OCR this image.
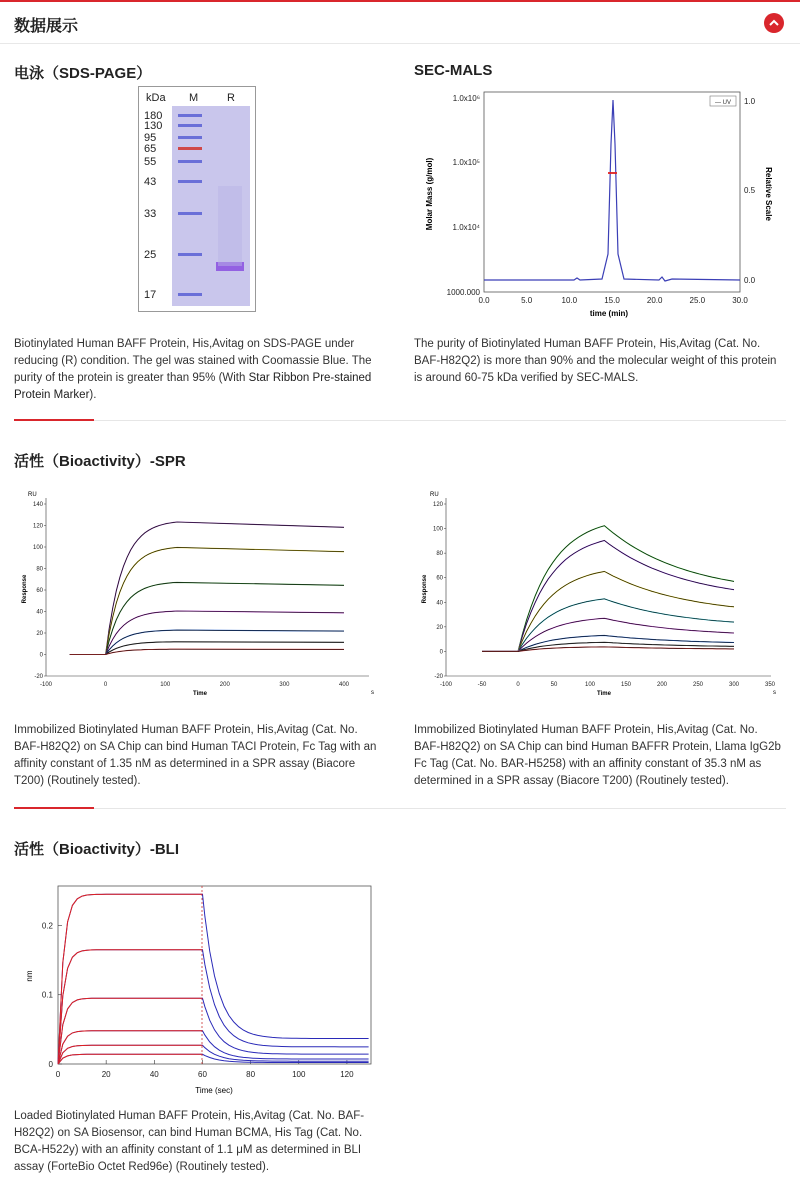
数据展示
电泳（SDS-PAGE）
kDa M	R
180
130
95
65
55
43
33
25
17
Biotinylated Human BAFF Protein, His,Avitag on SDS-PAGE under reducing (R) condition. The gel was stained with Coomassie Blue. The purity of the protein is greater than 95% (With Star Ribbon Pre-stained Protein Marker).
SEC-MALS
1.0x10⁶
1.0x10⁵
1.0x10⁴
1000.000
1.0
0.5
0.0
0.0	5.0	10.0	15.0	20.0	25.0	30.0
time (min)
Molar Mass (g/mol)	Relative Scale
— UV
The purity of Biotinylated Human BAFF Protein, His,Avitag (Cat. No. BAF-H82Q2) is more than 90% and the molecular weight of this protein is around 60-75 kDa verified by SEC-MALS.
活性（Bioactivity）-SPR
RU
140
120
100
80
60
40
20
0
-20
-100	0	100	200	300	400
Time	s
Response
Immobilized Biotinylated Human BAFF Protein, His,Avitag (Cat. No. BAF-H82Q2) on SA Chip can bind Human TACI Protein, Fc Tag with an affinity constant of 1.35 nM as determined in a SPR assay (Biacore T200) (Routinely tested).
RU
120
100
80
60
40
20
0
-20
-100	-50	0	50	100	150	200	250	300	350
Time	s
Response
Immobilized Biotinylated Human BAFF Protein, His,Avitag (Cat. No. BAF-H82Q2) on SA Chip can bind Human BAFFR Protein, Llama IgG2b Fc Tag (Cat. No. BAR-H5258) with an affinity constant of 35.3 nM as determined in a SPR assay (Biacore T200) (Routinely tested).
活性（Bioactivity）-BLI
0.2
0.1
0
0	20	40	60	80	100	120
Time (sec)
nm
Loaded Biotinylated Human BAFF Protein, His,Avitag (Cat. No. BAF-H82Q2) on SA Biosensor, can bind Human BCMA, His Tag (Cat. No. BCA-H522y) with an affinity constant of 1.1 μM as determined in BLI assay (ForteBio Octet Red96e) (Routinely tested).
